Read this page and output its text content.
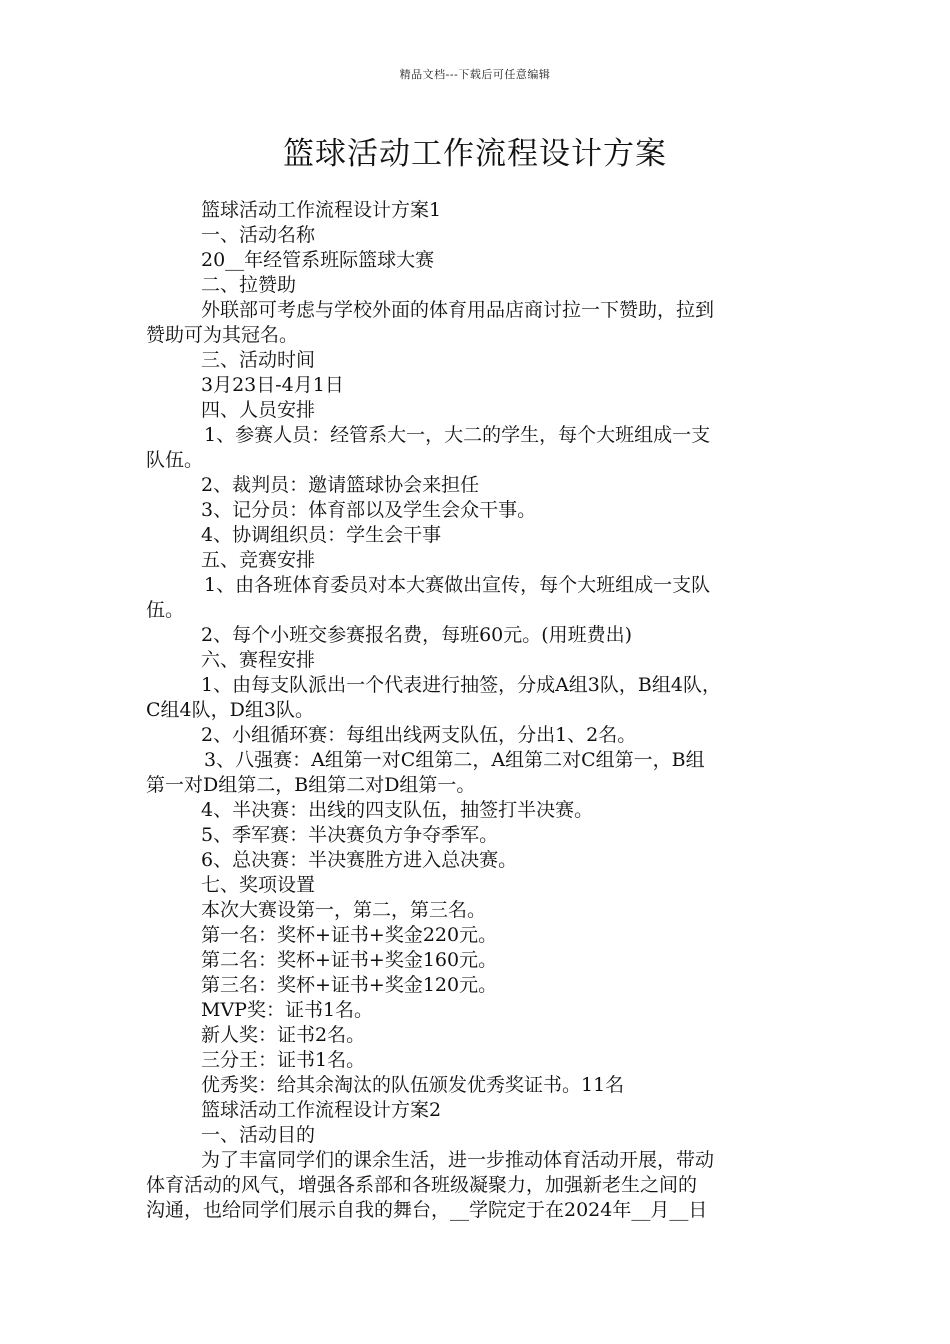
精品文档---下载后可任意编辑
篮球活动工作流程设计方案
篮球活动工作流程设计方案1
一、活动名称
20__年经管系班际篮球大赛
二、拉赞助
外联部可考虑与学校外面的体育用品店商讨拉一下赞助，拉到
赞助可为其冠名。
三、活动时间
3月23日-4月1日
四、人员安排
1、参赛人员：经管系大一，大二的学生，每个大班组成一支
队伍。
2、裁判员：邀请篮球协会来担任
3、记分员：体育部以及学生会众干事。
4、协调组织员：学生会干事
五、竞赛安排
1、由各班体育委员对本大赛做出宣传，每个大班组成一支队
伍。
2、每个小班交参赛报名费，每班60元。(用班费出)
六、赛程安排
1、由每支队派出一个代表进行抽签，分成A组3队，B组4队，
C组4队，D组3队。
2、小组循环赛：每组出线两支队伍，分出1、2名。
3、八强赛：A组第一对C组第二，A组第二对C组第一，B组
第一对D组第二，B组第二对D组第一。
4、半决赛：出线的四支队伍，抽签打半决赛。
5、季军赛：半决赛负方争夺季军。
6、总决赛：半决赛胜方进入总决赛。
七、奖项设置
本次大赛设第一，第二，第三名。
第一名：奖杯+证书+奖金220元。
第二名：奖杯+证书+奖金160元。
第三名：奖杯+证书+奖金120元。
MVP奖：证书1名。
新人奖：证书2名。
三分王：证书1名。
优秀奖：给其余淘汰的队伍颁发优秀奖证书。11名
篮球活动工作流程设计方案2
一、活动目的
为了丰富同学们的课余生活，进一步推动体育活动开展，带动
体育活动的风气，增强各系部和各班级凝聚力，加强新老生之间的
沟通，也给同学们展示自我的舞台，__学院定于在2024年__月__日
